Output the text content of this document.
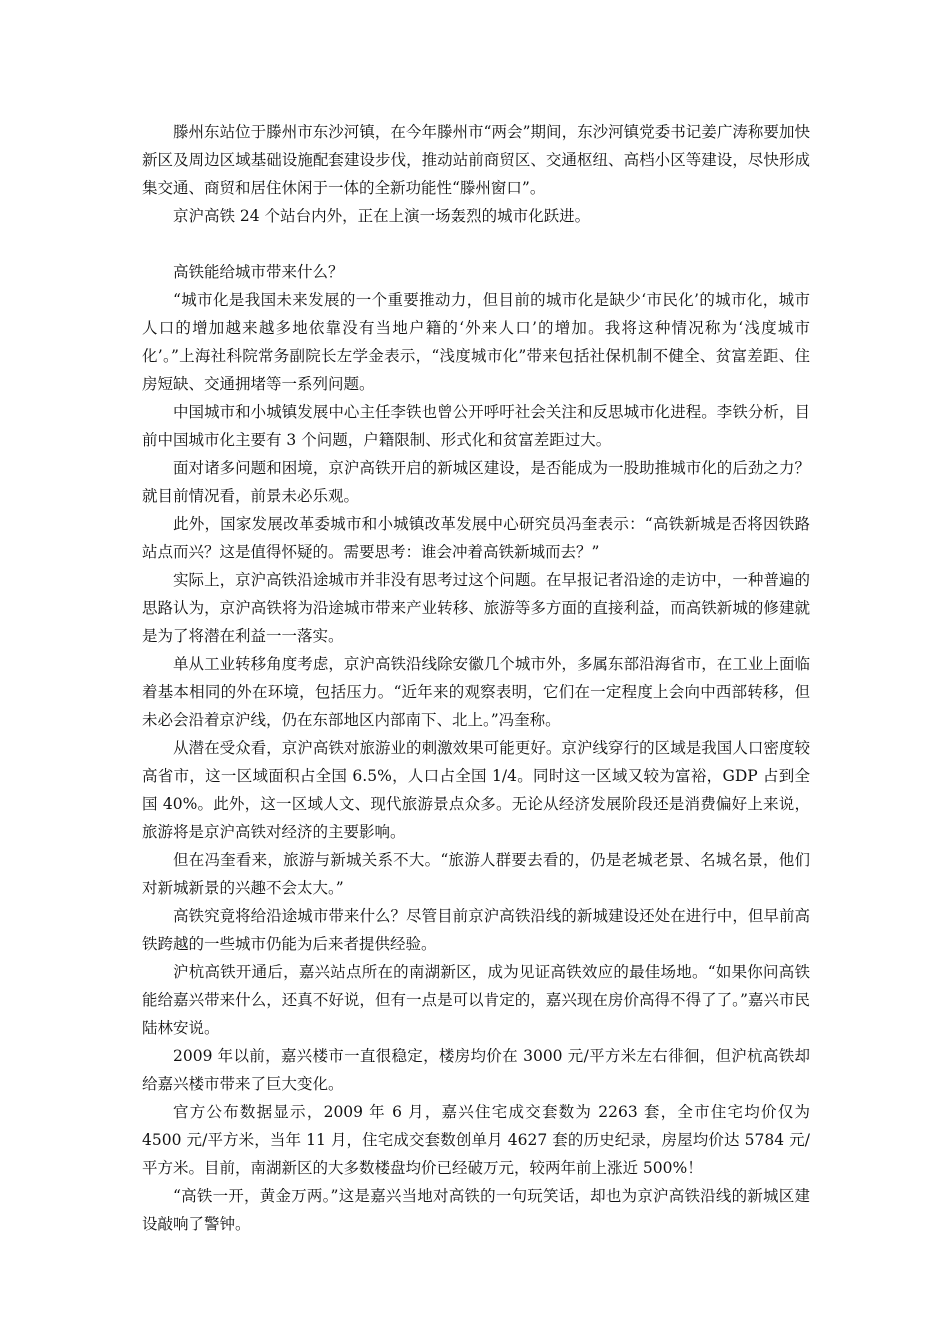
滕州东站位于滕州市东沙河镇，在今年滕州市“两会”期间，东沙河镇党委书记姜广涛称要加快新区及周边区域基础设施配套建设步伐，推动站前商贸区、交通枢纽、高档小区等建设，尽快形成集交通、商贸和居住休闲于一体的全新功能性“滕州窗口”。

京沪高铁 24 个站台内外，正在上演一场轰烈的城市化跃进。

高铁能给城市带来什么？

“城市化是我国未来发展的一个重要推动力，但目前的城市化是缺少‘市民化’的城市化，城市人口的增加越来越多地依靠没有当地户籍的‘外来人口’的增加。我将这种情况称为‘浅度城市化’。”上海社科院常务副院长左学金表示，“浅度城市化”带来包括社保机制不健全、贫富差距、住房短缺、交通拥堵等一系列问题。

中国城市和小城镇发展中心主任李铁也曾公开呼吁社会关注和反思城市化进程。李铁分析，目前中国城市化主要有 3 个问题，户籍限制、形式化和贫富差距过大。

面对诸多问题和困境，京沪高铁开启的新城区建设，是否能成为一股助推城市化的后劲之力？就目前情况看，前景未必乐观。

此外，国家发展改革委城市和小城镇改革发展中心研究员冯奎表示：“高铁新城是否将因铁路站点而兴？这是值得怀疑的。需要思考：谁会冲着高铁新城而去？”

实际上，京沪高铁沿途城市并非没有思考过这个问题。在早报记者沿途的走访中，一种普遍的思路认为，京沪高铁将为沿途城市带来产业转移、旅游等多方面的直接利益，而高铁新城的修建就是为了将潜在利益一一落实。

单从工业转移角度考虑，京沪高铁沿线除安徽几个城市外，多属东部沿海省市，在工业上面临着基本相同的外在环境，包括压力。“近年来的观察表明，它们在一定程度上会向中西部转移，但未必会沿着京沪线，仍在东部地区内部南下、北上。”冯奎称。

从潜在受众看，京沪高铁对旅游业的刺激效果可能更好。京沪线穿行的区域是我国人口密度较高省市，这一区域面积占全国 6.5%，人口占全国 1/4。同时这一区域又较为富裕，GDP 占到全国 40%。此外，这一区域人文、现代旅游景点众多。无论从经济发展阶段还是消费偏好上来说，旅游将是京沪高铁对经济的主要影响。

但在冯奎看来，旅游与新城关系不大。“旅游人群要去看的，仍是老城老景、名城名景，他们对新城新景的兴趣不会太大。”

高铁究竟将给沿途城市带来什么？尽管目前京沪高铁沿线的新城建设还处在进行中，但早前高铁跨越的一些城市仍能为后来者提供经验。

沪杭高铁开通后，嘉兴站点所在的南湖新区，成为见证高铁效应的最佳场地。“如果你问高铁能给嘉兴带来什么，还真不好说，但有一点是可以肯定的，嘉兴现在房价高得不得了了。”嘉兴市民陆林安说。

2009 年以前，嘉兴楼市一直很稳定，楼房均价在 3000 元/平方米左右徘徊，但沪杭高铁却给嘉兴楼市带来了巨大变化。

官方公布数据显示，2009 年 6 月，嘉兴住宅成交套数为 2263 套，全市住宅均价仅为 4500 元/平方米，当年 11 月，住宅成交套数创单月 4627 套的历史纪录，房屋均价达 5784 元/平方米。目前，南湖新区的大多数楼盘均价已经破万元，较两年前上涨近 500%！

“高铁一开，黄金万两。”这是嘉兴当地对高铁的一句玩笑话，却也为京沪高铁沿线的新城区建设敲响了警钟。
